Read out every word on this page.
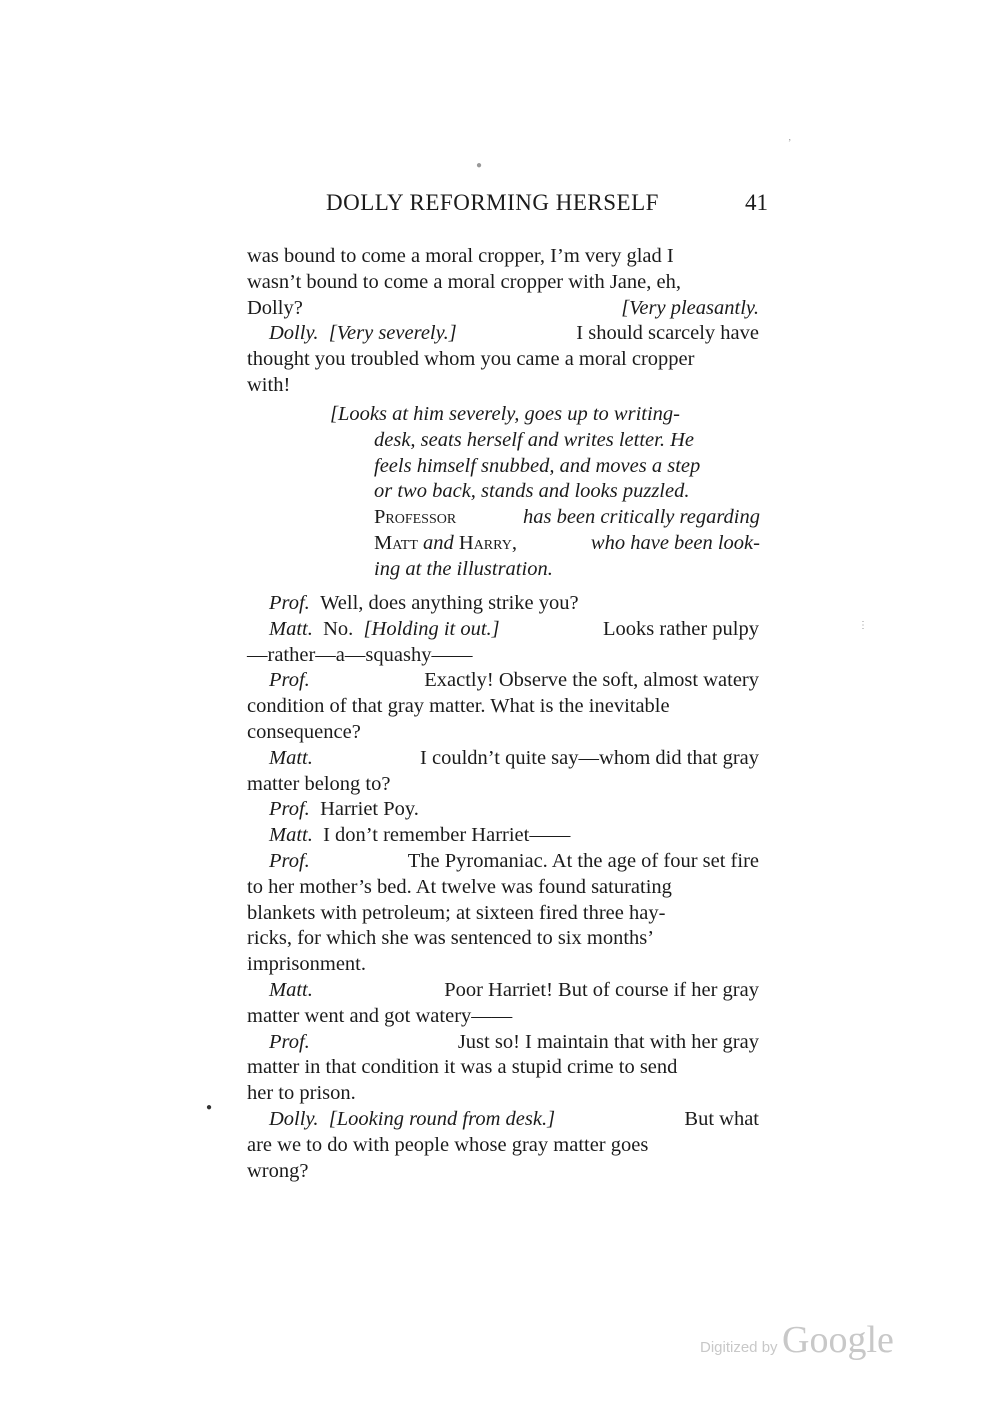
DOLLY REFORMING HERSELF	41
was bound to come a moral cropper, I’m very glad I
wasn’t bound to come a moral cropper with Jane, eh,
Dolly?	[Very pleasantly.
Dolly. [Very severely.]	I should scarcely have
thought you troubled whom you came a moral cropper
with!
[Looks at him severely, goes up to writing-
desk, seats herself and writes letter. He
feels himself snubbed, and moves a step
or two back, stands and looks puzzled.
Professor	has been critically regarding
Matt and Harry,	who have been look-
ing at the illustration.
Prof. Well, does anything strike you?
Matt. No. [Holding it out.]	Looks rather pulpy
—rather—a—squashy——
Prof.	Exactly! Observe the soft, almost watery
condition of that gray matter. What is the inevitable
consequence?
Matt.	I couldn’t quite say—whom did that gray
matter belong to?
Prof. Harriet Poy.
Matt. I don’t remember Harriet——
Prof.	The Pyromaniac. At the age of four set fire
to her mother’s bed. At twelve was found saturating
blankets with petroleum; at sixteen fired three hay-
ricks, for which she was sentenced to six months’
imprisonment.
Matt.	Poor Harriet! But of course if her gray
matter went and got watery——
Prof.	Just so! I maintain that with her gray
matter in that condition it was a stupid crime to send
her to prison.
Dolly. [Looking round from desk.]	But what
are we to do with people whose gray matter goes
wrong?
●
’
⋮
●
Digitized by Google
